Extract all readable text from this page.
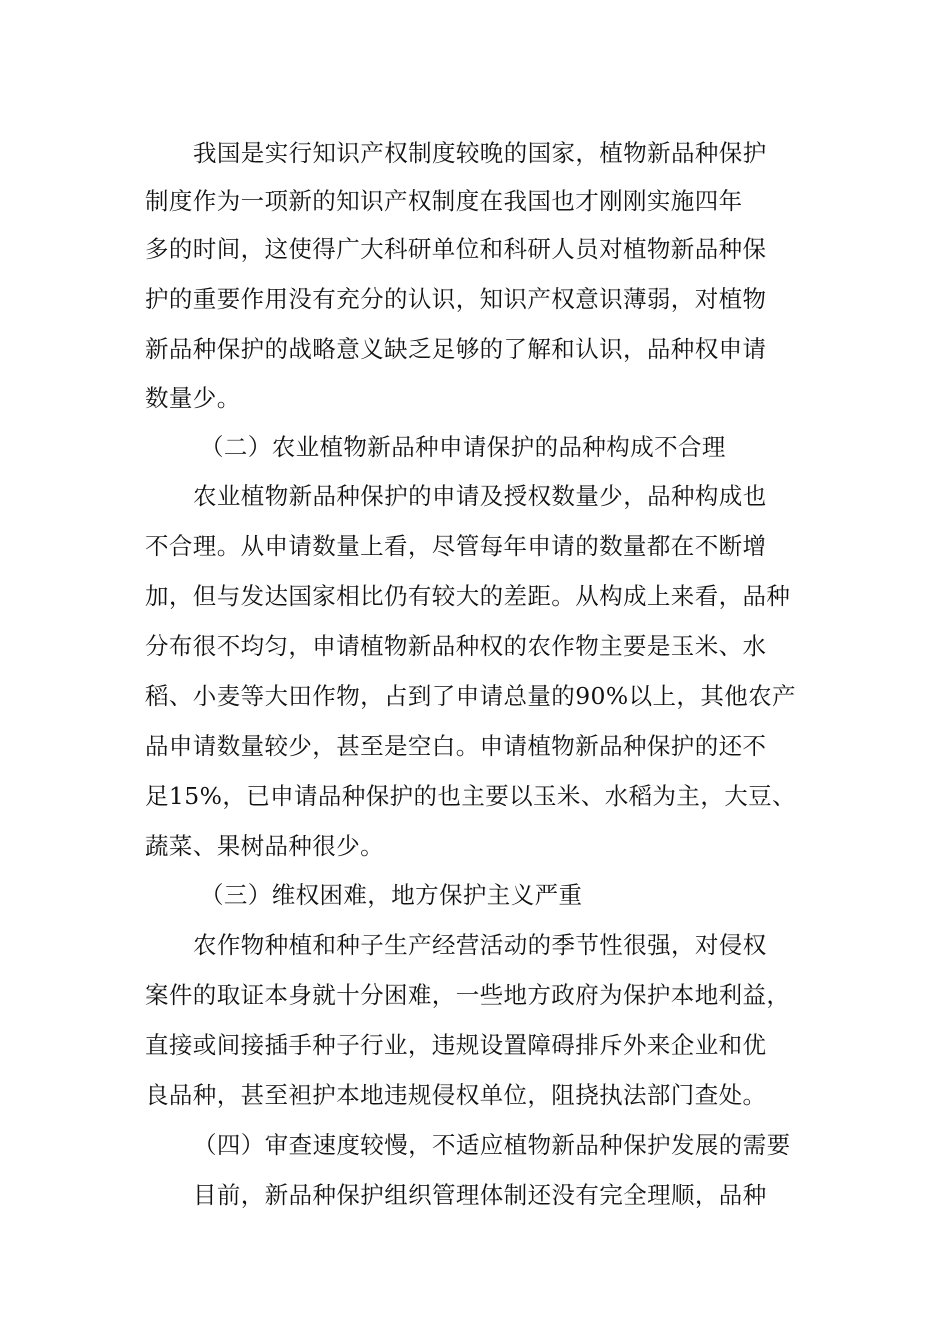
我国是实行知识产权制度较晚的国家，植物新品种保护
制度作为一项新的知识产权制度在我国也才刚刚实施四年
多的时间，这使得广大科研单位和科研人员对植物新品种保
护的重要作用没有充分的认识，知识产权意识薄弱，对植物
新品种保护的战略意义缺乏足够的了解和认识，品种权申请
数量少。
（二）农业植物新品种申请保护的品种构成不合理
农业植物新品种保护的申请及授权数量少，品种构成也
不合理。从申请数量上看，尽管每年申请的数量都在不断增
加，但与发达国家相比仍有较大的差距。从构成上来看，品种
分布很不均匀，申请植物新品种权的农作物主要是玉米、水
稻、小麦等大田作物，占到了申请总量的90%以上，其他农产
品申请数量较少，甚至是空白。申请植物新品种保护的还不
足15%，已申请品种保护的也主要以玉米、水稻为主，大豆、
蔬菜、果树品种很少。
（三）维权困难，地方保护主义严重
农作物种植和种子生产经营活动的季节性很强，对侵权
案件的取证本身就十分困难，一些地方政府为保护本地利益，
直接或间接插手种子行业，违规设置障碍排斥外来企业和优
良品种，甚至袒护本地违规侵权单位，阻挠执法部门查处。
（四）审查速度较慢，不适应植物新品种保护发展的需要
目前，新品种保护组织管理体制还没有完全理顺，品种
